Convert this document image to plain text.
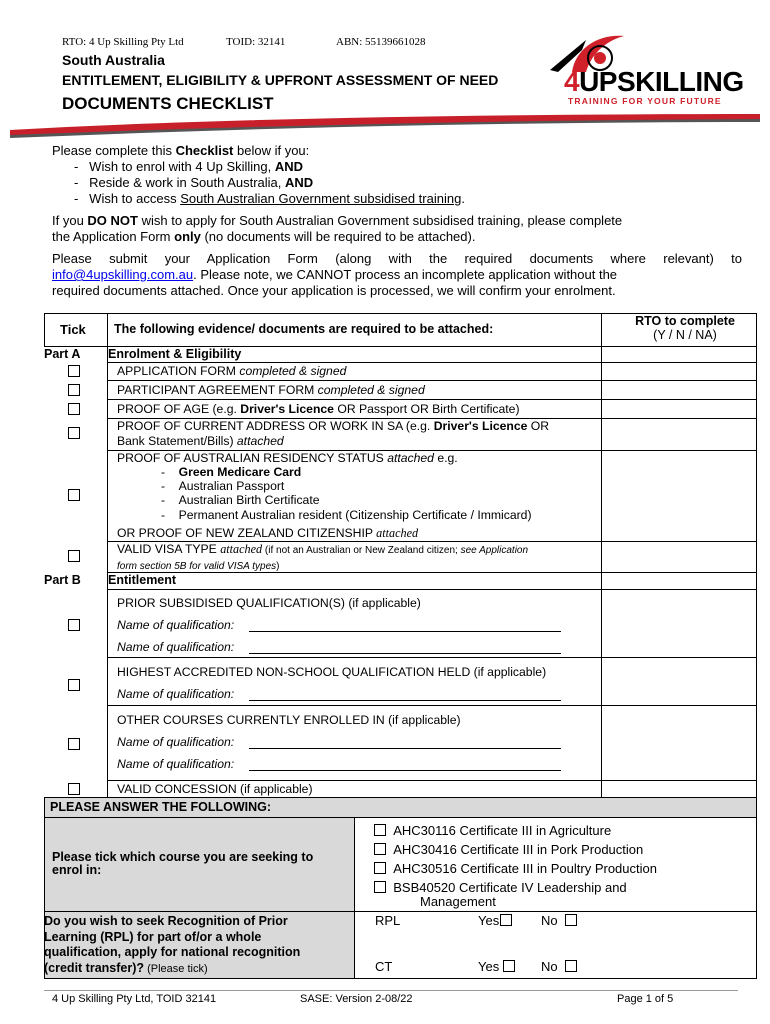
RTO: 4 Up Skilling Pty Ltd	TOID: 32141	ABN: 55139661028
South Australia
ENTITLEMENT, ELIGIBILITY & UPFRONT ASSESSMENT OF NEED
DOCUMENTS CHECKLIST
4UPSKILLING
TRAINING FOR YOUR FUTURE

Please complete this Checklist below if you:

-   Wish to enrol with 4 Up Skilling, AND

-   Reside & work in South Australia, AND

-   Wish to access South Australian Government subsidised training.

If you DO NOT wish to apply for South Australian Government subsidised training, please complete

the Application Form only (no documents will be required to be attached).

Please submit your Application Form (along with the required documents where relevant) to

info@4upskilling.com.au. Please note, we CANNOT process an incomplete application without the

required documents attached. Once your application is processed, we will confirm your enrolment.

Tick The following evidence/ documents are required to be attached:
RTO to complete
(Y / N / NA)
Part A Enrolment & Eligibility
APPLICATION FORM completed & signed
PARTICIPANT AGREEMENT FORM completed & signed
PROOF OF AGE (e.g. Driver's Licence OR Passport OR Birth Certificate)
PROOF OF CURRENT ADDRESS OR WORK IN SA (e.g. Driver's Licence OR
Bank Statement/Bills) attached
PROOF OF AUSTRALIAN RESIDENCY STATUS attached e.g.
-    Green Medicare Card
-    Australian Passport
-    Australian Birth Certificate
-    Permanent Australian resident (Citizenship Certificate / Immicard)
OR PROOF OF NEW ZEALAND CITIZENSHIP attached
VALID VISA TYPE attached (if not an Australian or New Zealand citizen; see Application
form section 5B for valid VISA types)
Part B Entitlement
PRIOR SUBSIDISED QUALIFICATION(S) (if applicable)
Name of qualification:
Name of qualification:
HIGHEST ACCREDITED NON-SCHOOL QUALIFICATION HELD (if applicable)
Name of qualification:
OTHER COURSES CURRENTLY ENROLLED IN (if applicable)
Name of qualification:
Name of qualification:
VALID CONCESSION (if applicable)
PLEASE ANSWER THE FOLLOWING:
Please tick which course you are seeking to
enrol in:
AHC30116 Certificate III in Agriculture
AHC30416 Certificate III in Pork Production
AHC30516 Certificate III in Poultry Production
BSB40520 Certificate IV Leadership and
Management
Do you wish to seek Recognition of Prior
Learning (RPL) for part of/or a whole
qualification, apply for national recognition
(credit transfer)? (Please tick)
RPL	Yes	No
CT	Yes	No
4 Up Skilling Pty Ltd, TOID 32141	SASE: Version 2-08/22	Page 1 of 5
